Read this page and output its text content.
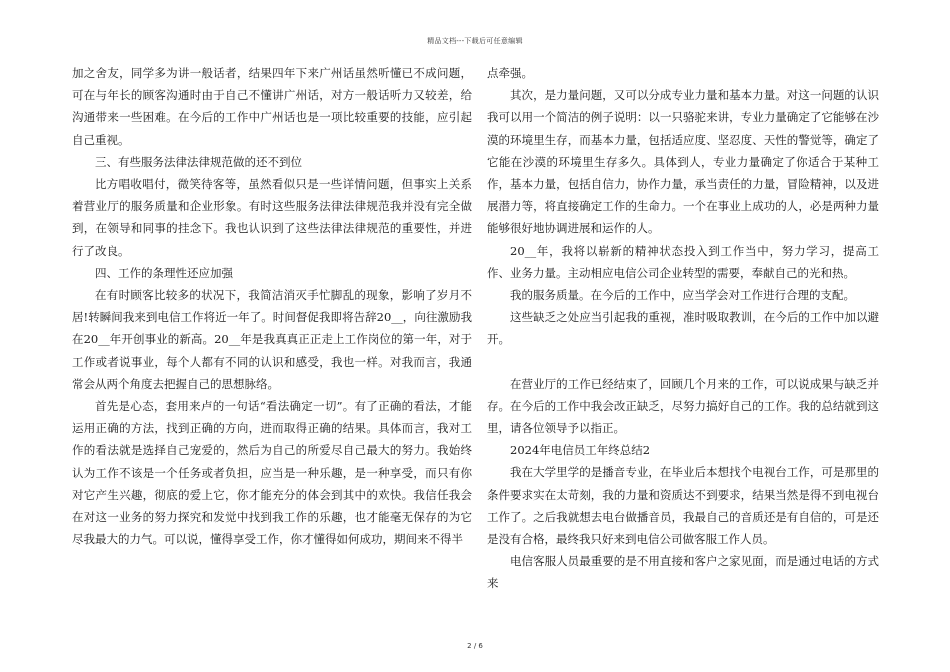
精品文档---下载后可任意编辑

加之舍友，同学多为讲一般话者，结果四年下来广州话虽然听懂已不成问题，可在与年长的顾客沟通时由于自己不懂讲广州话，对方一般话听力又较差，给沟通带来一些困难。在今后的工作中广州话也是一项比较重要的技能，应引起自己重视。

三、有些服务法律法律规范做的还不到位

比方唱收唱付，微笑待客等，虽然看似只是一些详情问题，但事实上关系着营业厅的服务质量和企业形象。有时这些服务法律法律规范我并没有完全做到，在领导和同事的挂念下。我也认识到了这些法律法律规范的重要性，并进行了改良。

四、工作的条理性还应加强

在有时顾客比较多的状况下，我简洁消灭手忙脚乱的现象，影响了岁月不居!转瞬间我来到电信工作将近一年了。时间督促我即将告辞20__，向往激励我在20__年开创事业的新高。20__年是我真真正正走上工作岗位的第一年，对于工作或者说事业，每个人都有不同的认识和感受，我也一样。对我而言，我通常会从两个角度去把握自己的思想脉络。

首先是心态，套用来卢的一句话“看法确定一切”。有了正确的看法，才能运用正确的方法，找到正确的方向，进而取得正确的结果。具体而言，我对工作的看法就是选择自己宠爱的，然后为自己的所爱尽自己最大的努力。我始终认为工作不该是一个任务或者负担，应当是一种乐趣，是一种享受，而只有你对它产生兴趣，彻底的爱上它，你才能充分的体会到其中的欢快。我信任我会在对这一业务的努力探究和发觉中找到我工作的乐趣，也才能毫无保存的为它尽我最大的力气。可以说，懂得享受工作，你才懂得如何成功，期间来不得半

点牵强。

其次，是力量问题，又可以分成专业力量和基本力量。对这一问题的认识我可以用一个简洁的例子说明：以一只骆驼来讲，专业力量确定了它能够在沙漠的环境里生存，而基本力量，包括适应度、坚忍度、天性的警觉等，确定了它能在沙漠的环境里生存多久。具体到人，专业力量确定了你适合于某种工作，基本力量，包括自信力，协作力量，承当责任的力量，冒险精神，以及进展潜力等，将直接确定工作的生命力。一个在事业上成功的人，必是两种力量能够很好地协调进展和运作的人。

20__年，我将以崭新的精神状态投入到工作当中，努力学习，提高工作、业务力量。主动相应电信公司企业转型的需要，奉献自己的光和热。

我的服务质量。在今后的工作中，应当学会对工作进行合理的支配。

这些缺乏之处应当引起我的重视，准时吸取教训，在今后的工作中加以避开。

在营业厅的工作已经结束了，回顾几个月来的工作，可以说成果与缺乏并存。在今后的工作中我会改正缺乏，尽努力搞好自己的工作。我的总结就到这里，请各位领导予以指正。

2024年电信员工年终总结2

我在大学里学的是播音专业，在毕业后本想找个电视台工作，可是那里的条件要求实在太苛刻，我的力量和资质达不到要求，结果当然是得不到电视台工作了。之后我就想去电台做播音员，我最自己的音质还是有自信的，可是还是没有合格，最终我只好来到电信公司做客服工作人员。

电信客服人员最重要的是不用直接和客户之家见面，而是通过电话的方式来

2 / 6
